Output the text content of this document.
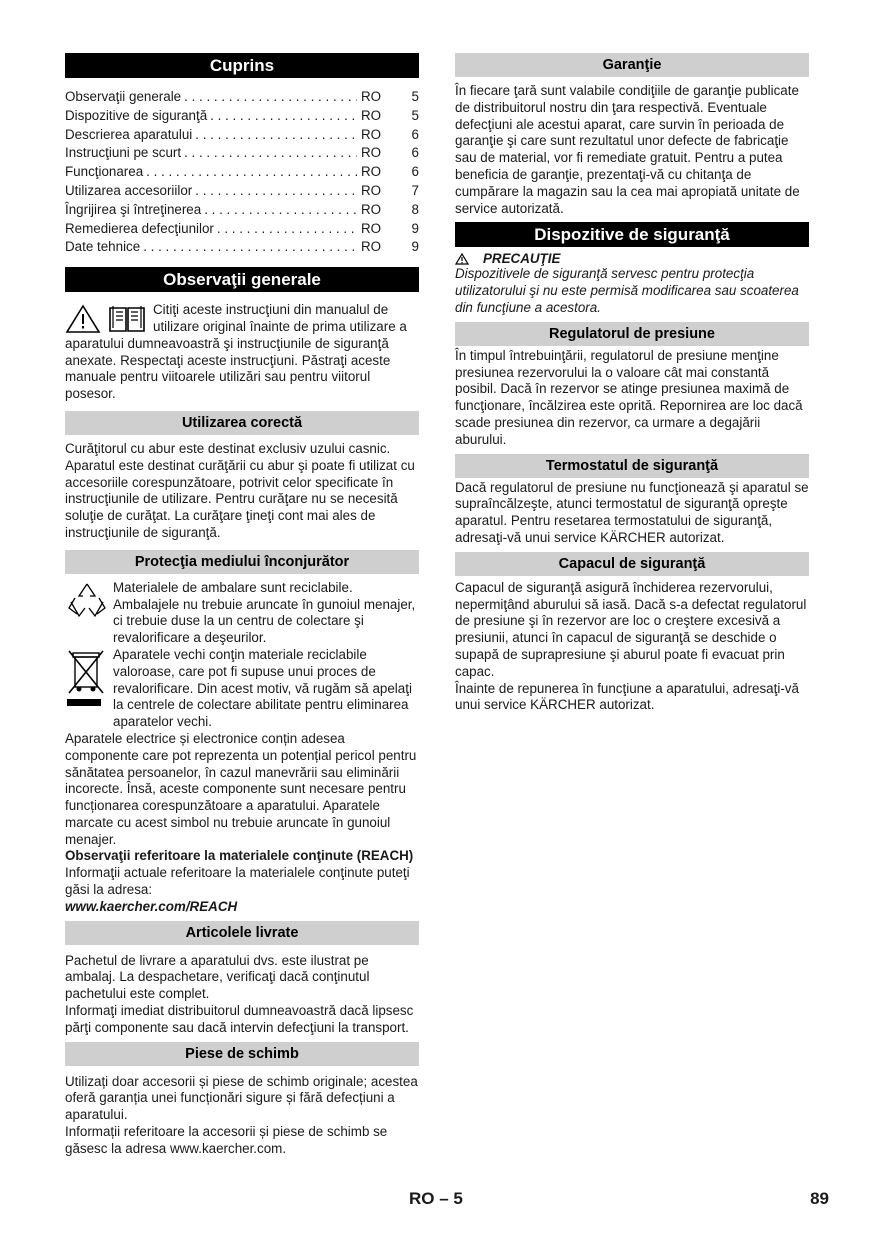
Cuprins
Observaţii generale . . .	RO	5
Dispozitive de siguranţă . . .	RO	5
Descrierea aparatului . . .	RO	6
Instrucţiuni pe scurt . . .	RO	6
Funcţionarea . . .	RO	6
Utilizarea accesoriilor . . .	RO	7
Îngrijirea şi întreţinerea . . .	RO	8
Remedierea defecţiunilor . . .	RO	9
Date tehnice . . .	RO	9
Observaţii generale

Citiţi aceste instrucţiuni din manualul de utilizare original înainte de prima utilizare a aparatului dumneavoastră şi instrucţiunile de siguranţă anexate. Respectaţi aceste instrucţiuni. Păstraţi aceste manuale pentru viitoarele utilizări sau pentru viitorul posesor.

Utilizarea corectă

Curăţitorul cu abur este destinat exclusiv uzului casnic. Aparatul este destinat curăţării cu abur şi poate fi utilizat cu accesoriile corespunzătoare, potrivit celor specificate în instrucţiunile de utilizare. Pentru curăţare nu se necesită soluţie de curăţat. La curăţare ţineţi cont mai ales de instrucţiunile de siguranţă.

Protecţia mediului înconjurător

Materialele de ambalare sunt reciclabile. Ambalajele nu trebuie aruncate în gunoiul menajer, ci trebuie duse la un centru de colectare şi revalorificare a deşeurilor.

Aparatele vechi conţin materiale reciclabile valoroase, care pot fi supuse unui proces de revalorificare. Din acest motiv, vă rugăm să apelaţi la centrele de colectare abilitate pentru eliminarea aparatelor vechi.

Aparatele electrice și electronice conțin adesea componente care pot reprezenta un potențial pericol pentru sănătatea persoanelor, în cazul manevrării sau eliminării incorecte. Însă, aceste componente sunt necesare pentru funcționarea corespunzătoare a aparatului. Aparatele marcate cu acest simbol nu trebuie aruncate în gunoiul menajer.

Observaţii referitoare la materialele conţinute (REACH)

Informaţii actuale referitoare la materialele conţinute puteţi găsi la adresa:

www.kaercher.com/REACH

Articolele livrate

Pachetul de livrare a aparatului dvs. este ilustrat pe ambalaj. La despachetare, verificaţi dacă conţinutul pachetului este complet.

Informaţi imediat distribuitorul dumneavoastră dacă lipsesc părţi componente sau dacă intervin defecţiuni la transport.

Piese de schimb

Utilizați doar accesorii și piese de schimb originale; acestea oferă garanția unei funcționări sigure și fără defecțiuni a aparatului.

Informații referitoare la accesorii și piese de schimb se găsesc la adresa www.kaercher.com.

Garanţie

În fiecare ţară sunt valabile condiţiile de garanţie publicate de distribuitorul nostru din ţara respectivă. Eventuale defecţiuni ale acestui aparat, care survin în perioada de garanţie şi care sunt rezultatul unor defecte de fabricaţie sau de material, vor fi remediate gratuit. Pentru a putea beneficia de garanţie, prezentaţi-vă cu chitanţa de cumpărare la magazin sau la cea mai apropiată unitate de service autorizată.

Dispozitive de siguranţă
PRECAUŢIE

Dispozitivele de siguranţă servesc pentru protecţia utilizatorului şi nu este permisă modificarea sau scoaterea din funcţiune a acestora.

Regulatorul de presiune

În timpul întrebuinţării, regulatorul de presiune menţine presiunea rezervorului la o valoare cât mai constantă posibil. Dacă în rezervor se atinge presiunea maximă de funcţionare, încălzirea este oprită. Repornirea are loc dacă scade presiunea din rezervor, ca urmare a degajării aburului.

Termostatul de siguranţă

Dacă regulatorul de presiune nu funcţionează şi aparatul se supraîncălzeşte, atunci termostatul de siguranţă opreşte aparatul. Pentru resetarea termostatului de siguranţă, adresaţi-vă unui service KÄRCHER autorizat.

Capacul de siguranţă

Capacul de siguranţă asigură închiderea rezervorului, nepermiţând aburului să iasă. Dacă s-a defectat regulatorul de presiune şi în rezervor are loc o creştere excesivă a presiunii, atunci în capacul de siguranţă se deschide o supapă de suprapresiune şi aburul poate fi evacuat prin capac.

Înainte de repunerea în funcţiune a aparatului, adresaţi-vă unui service KÄRCHER autorizat.

RO – 5	89
